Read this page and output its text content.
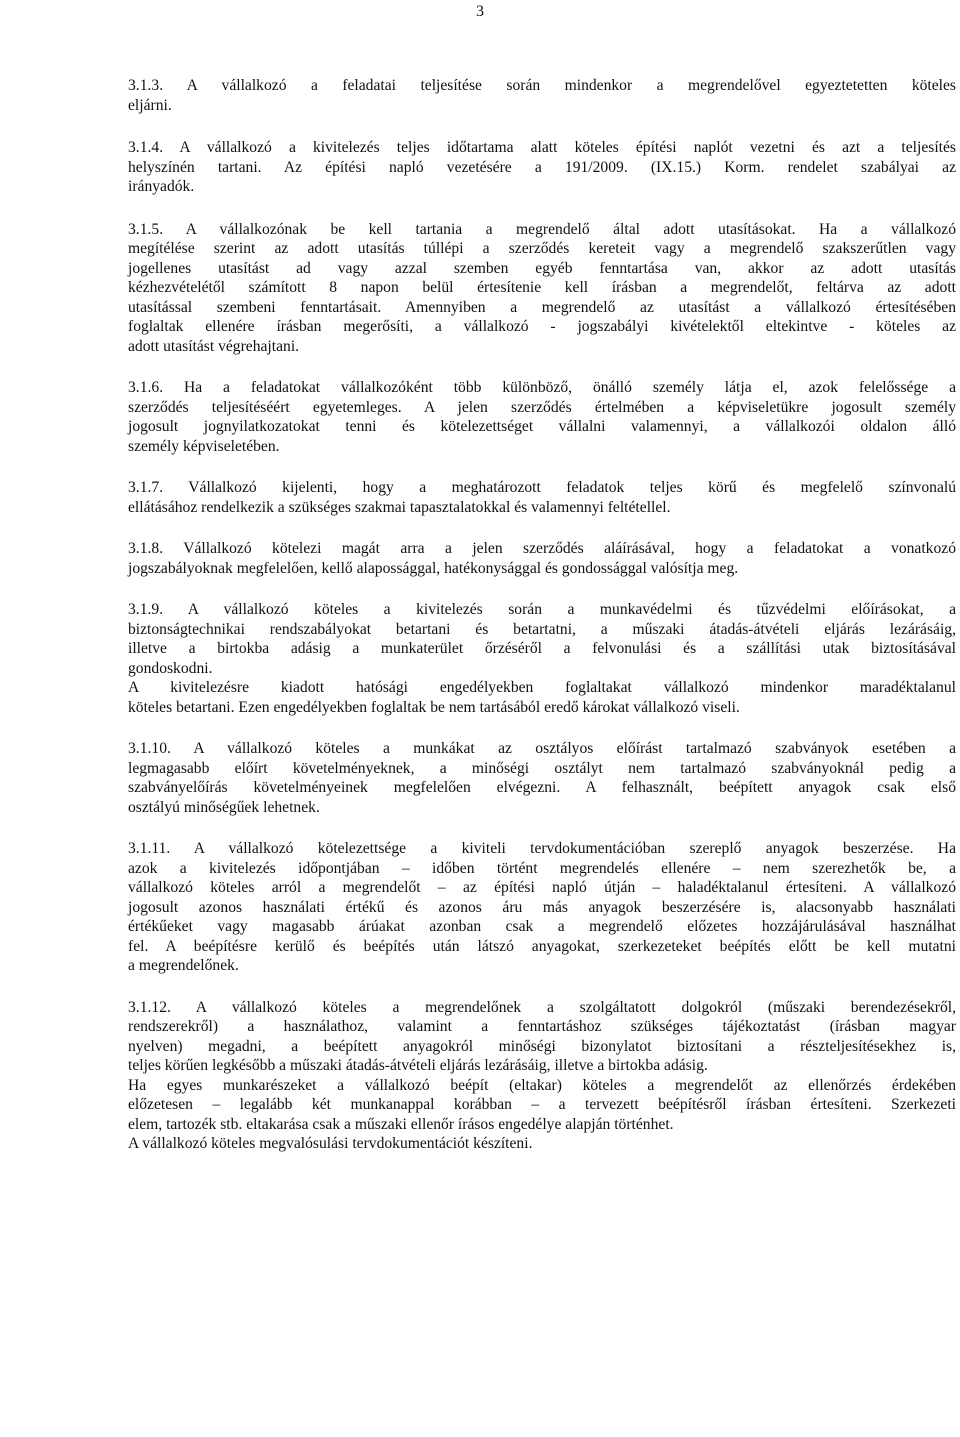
3
3.1.3. A vállalkozó a feladatai teljesítése során mindenkor a megrendelővel egyeztetetten köteles
eljárni.
3.1.4. A vállalkozó a kivitelezés teljes időtartama alatt köteles építési naplót vezetni és azt a teljesítés
helyszínén tartani. Az építési napló vezetésére a 191/2009. (IX.15.) Korm. rendelet szabályai az
irányadók.
3.1.5. A vállalkozónak be kell tartania a megrendelő által adott utasításokat. Ha a vállalkozó
megítélése szerint az adott utasítás túllépi a szerződés kereteit vagy a megrendelő szakszerűtlen vagy
jogellenes utasítást ad vagy azzal szemben egyéb fenntartása van, akkor az adott utasítás
kézhezvételétől számított 8 napon belül értesítenie kell írásban a megrendelőt, feltárva az adott
utasítással szembeni fenntartásait. Amennyiben a megrendelő az utasítást a vállalkozó értesítésében
foglaltak ellenére írásban megerősíti, a vállalkozó - jogszabályi kivételektől eltekintve - köteles az
adott utasítást végrehajtani.
3.1.6. Ha a feladatokat vállalkozóként több különböző, önálló személy látja el, azok felelőssége a
szerződés teljesítéséért egyetemleges. A jelen szerződés értelmében a képviseletükre jogosult személy
jogosult jognyilatkozatokat tenni és kötelezettséget vállalni valamennyi, a vállalkozói oldalon álló
személy képviseletében.
3.1.7. Vállalkozó kijelenti, hogy a meghatározott feladatok teljes körű és megfelelő színvonalú
ellátásához rendelkezik a szükséges szakmai tapasztalatokkal és valamennyi feltétellel.
3.1.8. Vállalkozó kötelezi magát arra a jelen szerződés aláírásával, hogy a feladatokat a vonatkozó
jogszabályoknak megfelelően, kellő alapossággal, hatékonysággal és gondossággal valósítja meg.
3.1.9. A vállalkozó köteles a kivitelezés során a munkavédelmi és tűzvédelmi előírásokat, a
biztonságtechnikai rendszabályokat betartani és betartatni, a műszaki átadás-átvételi eljárás lezárásáig,
illetve a birtokba adásig a munkaterület őrzéséről a felvonulási és a szállítási utak biztosításával
gondoskodni.
A kivitelezésre kiadott hatósági engedélyekben foglaltakat vállalkozó mindenkor maradéktalanul
köteles betartani. Ezen engedélyekben foglaltak be nem tartásából eredő károkat vállalkozó viseli.
3.1.10. A vállalkozó köteles a munkákat az osztályos előírást tartalmazó szabványok esetében a
legmagasabb előírt követelményeknek, a minőségi osztályt nem tartalmazó szabványoknál pedig a
szabványelőírás követelményeinek megfelelően elvégezni. A felhasznált, beépített anyagok csak első
osztályú minőségűek lehetnek.
3.1.11. A vállalkozó kötelezettsége a kiviteli tervdokumentációban szereplő anyagok beszerzése. Ha
azok a kivitelezés időpontjában – időben történt megrendelés ellenére – nem szerezhetők be, a
vállalkozó köteles arról a megrendelőt – az építési napló útján – haladéktalanul értesíteni. A vállalkozó
jogosult azonos használati értékű és azonos áru más anyagok beszerzésére is, alacsonyabb használati
értékűeket vagy magasabb árúakat azonban csak a megrendelő előzetes hozzájárulásával használhat
fel. A beépítésre kerülő és beépítés után látszó anyagokat, szerkezeteket beépítés előtt be kell mutatni
a megrendelőnek.
3.1.12. A vállalkozó köteles a megrendelőnek a szolgáltatott dolgokról (műszaki berendezésekről,
rendszerekről) a használathoz, valamint a fenntartáshoz szükséges tájékoztatást (írásban magyar
nyelven) megadni, a beépített anyagokról minőségi bizonylatot biztosítani a részteljesítésekhez is,
teljes körűen legkésőbb a műszaki átadás-átvételi eljárás lezárásáig, illetve a birtokba adásig.
Ha egyes munkarészeket a vállalkozó beépít (eltakar) köteles a megrendelőt az ellenőrzés érdekében
előzetesen – legalább két munkanappal korábban – a tervezett beépítésről írásban értesíteni. Szerkezeti
elem, tartozék stb. eltakarása csak a műszaki ellenőr írásos engedélye alapján történhet.
A vállalkozó köteles megvalósulási tervdokumentációt készíteni.
